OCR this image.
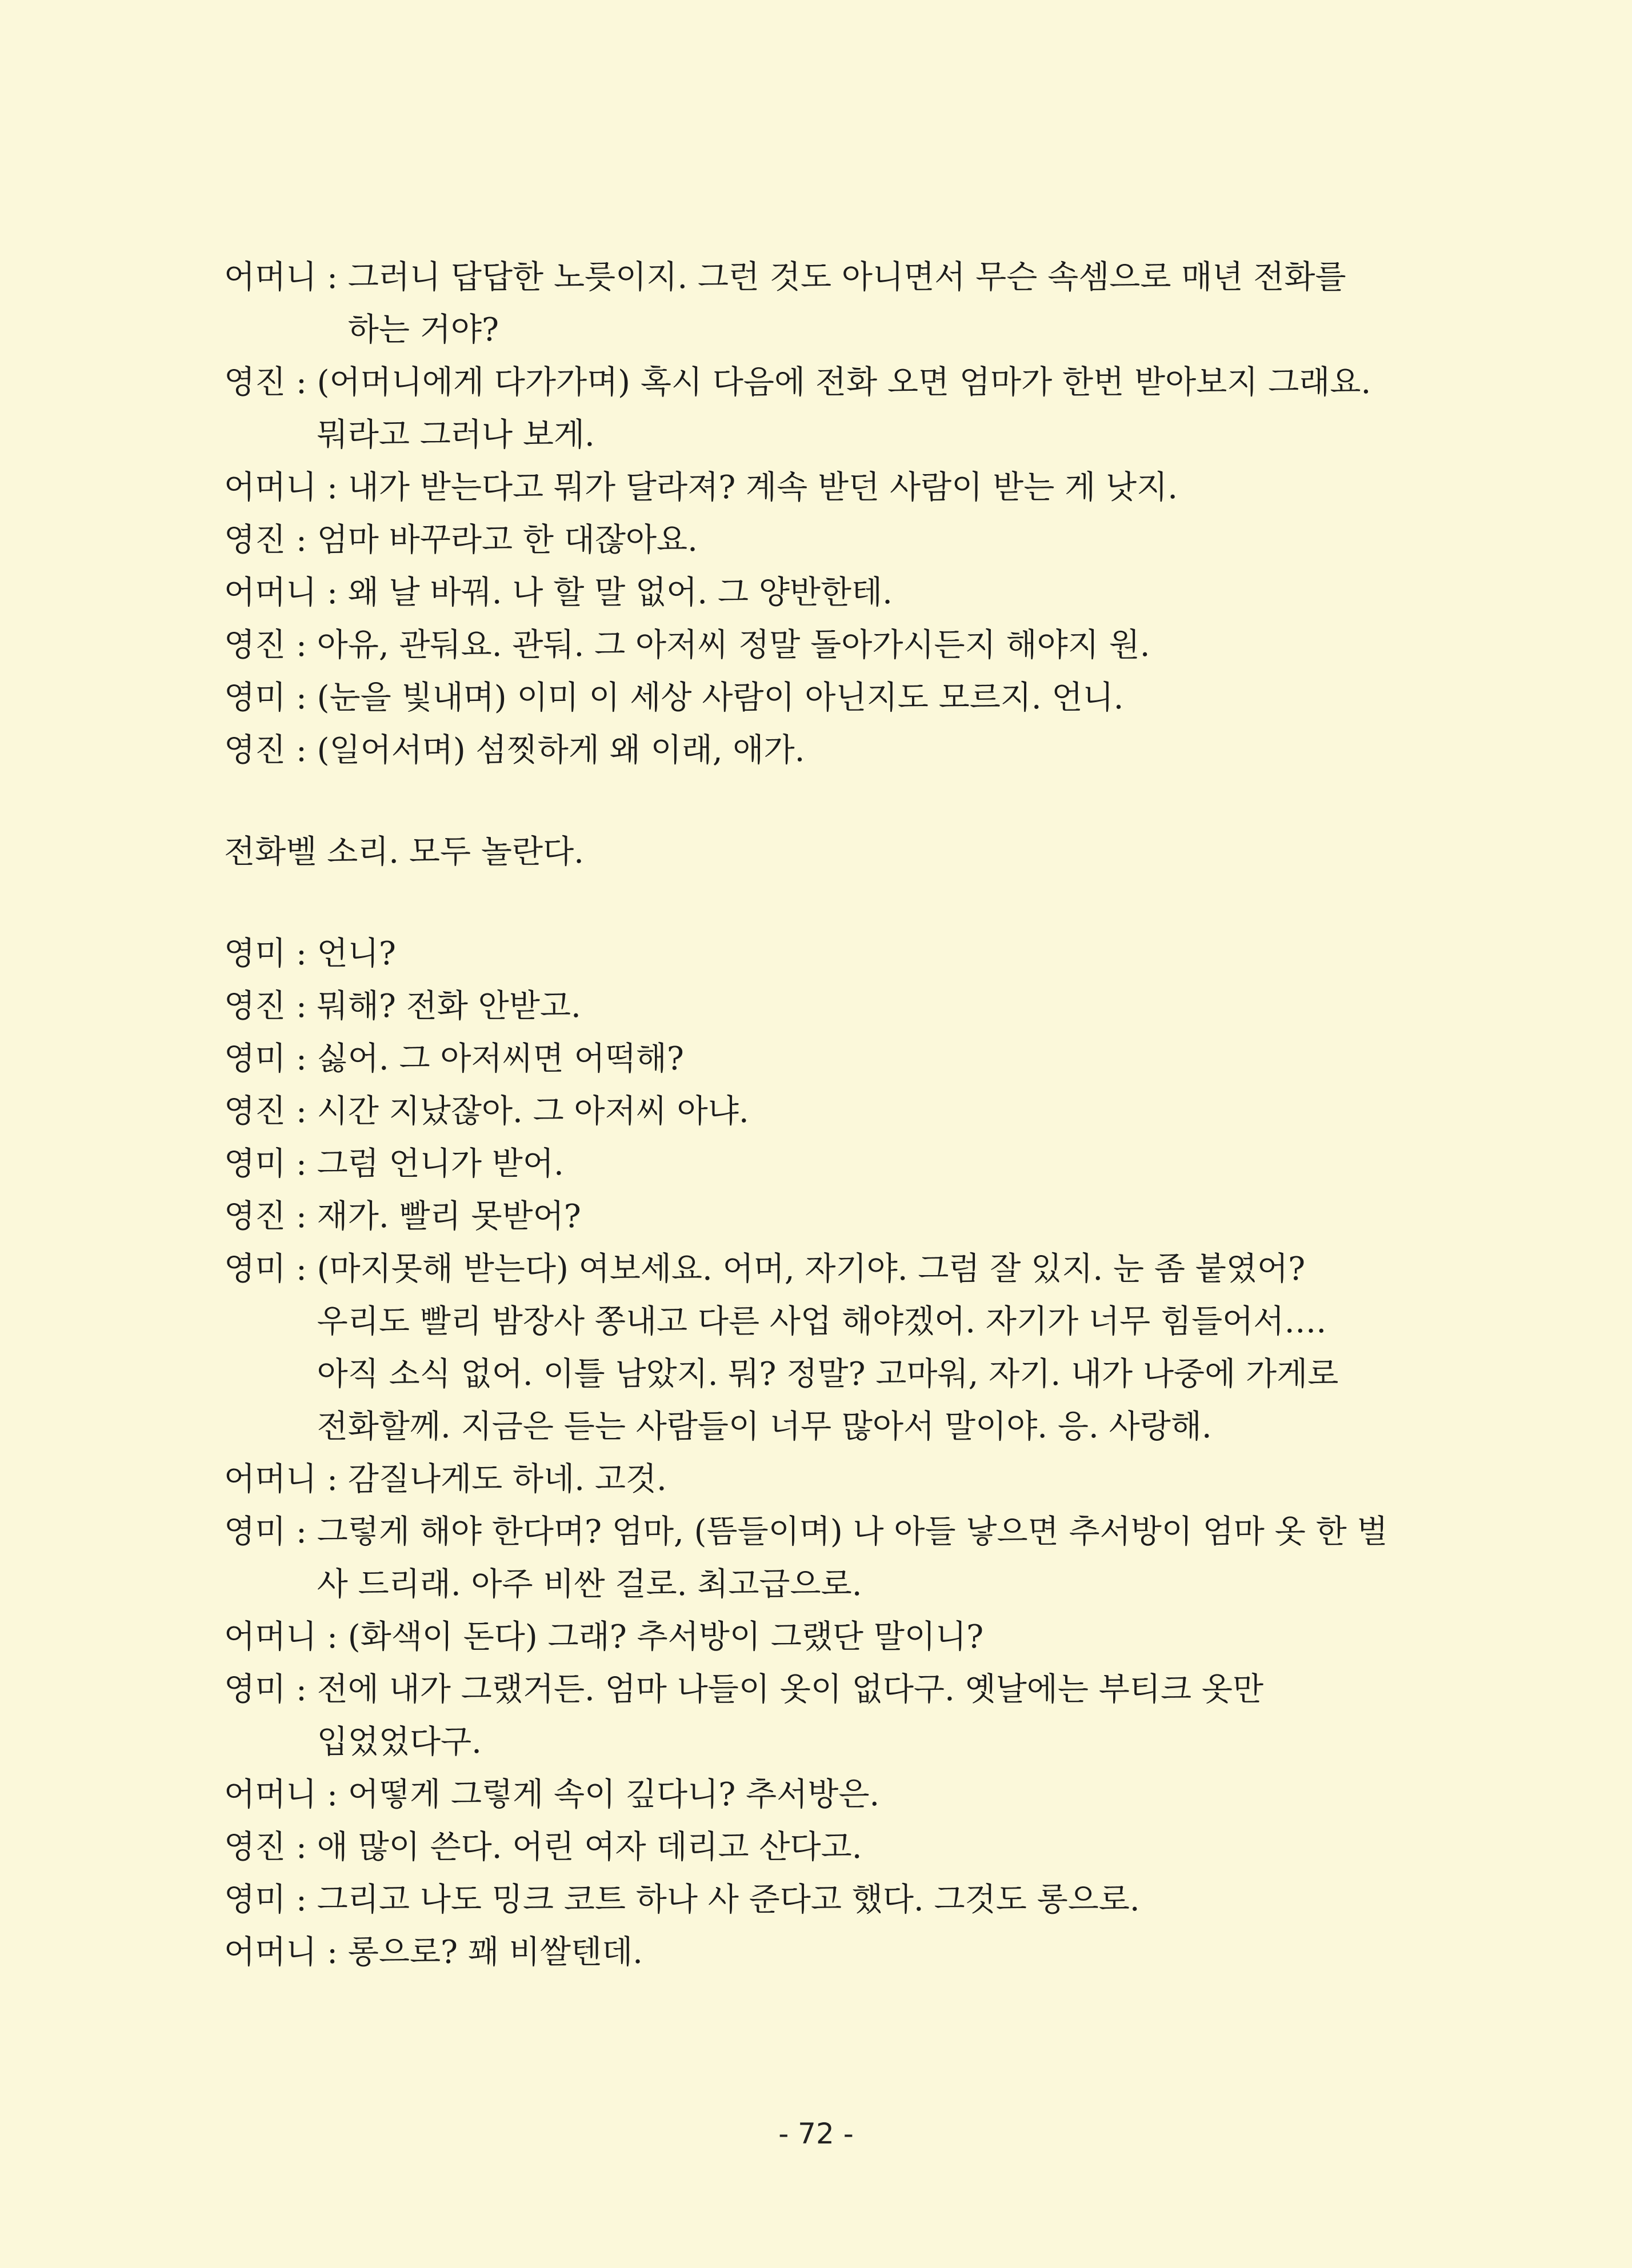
어머니 : 그러니 답답한 노릇이지. 그런 것도 아니면서 무슨 속셈으로 매년 전화를 하는 거야?
영진 : (어머니에게 다가가며) 혹시 다음에 전화 오면 엄마가 한번 받아보지 그래요. 뭐라고 그러나 보게.
어머니 : 내가 받는다고 뭐가 달라져? 계속 받던 사람이 받는 게 낫지.
영진 : 엄마 바꾸라고 한 대잖아요.
어머니 : 왜 날 바꿔. 나 할 말 없어. 그 양반한테.
영진 : 아유, 관둬요. 관둬. 그 아저씨 정말 돌아가시든지 해야지 원.
영미 : (눈을 빛내며) 이미 이 세상 사람이 아닌지도 모르지. 언니.
영진 : (일어서며) 섬찟하게 왜 이래, 애가.
전화벨 소리. 모두 놀란다.
영미 : 언니?
영진 : 뭐해? 전화 안받고.
영미 : 싫어. 그 아저씨면 어떡해?
영진 : 시간 지났잖아. 그 아저씨 아냐.
영미 : 그럼 언니가 받어.
영진 : 재가. 빨리 못받어?
영미 : (마지못해 받는다) 여보세요. 어머, 자기야. 그럼 잘 있지. 눈 좀 붙였어? 우리도 빨리 밤장사 쫑내고 다른 사업 해야겠어. 자기가 너무 힘들어서…. 아직 소식 없어. 이틀 남았지. 뭐? 정말? 고마워, 자기. 내가 나중에 가게로 전화할께. 지금은 듣는 사람들이 너무 많아서 말이야. 응. 사랑해.
어머니 : 감질나게도 하네. 고것.
영미 : 그렇게 해야 한다며? 엄마, (뜸들이며) 나 아들 낳으면 추서방이 엄마 옷 한 벌 사 드리래. 아주 비싼 걸로. 최고급으로.
어머니 : (화색이 돈다) 그래? 추서방이 그랬단 말이니?
영미 : 전에 내가 그랬거든. 엄마 나들이 옷이 없다구. 옛날에는 부티크 옷만 입었었다구.
어머니 : 어떻게 그렇게 속이 깊다니? 추서방은.
영진 : 애 많이 쓴다. 어린 여자 데리고 산다고.
영미 : 그리고 나도 밍크 코트 하나 사 준다고 했다. 그것도 롱으로.
어머니 : 롱으로? 꽤 비쌀텐데.
- 72 -
